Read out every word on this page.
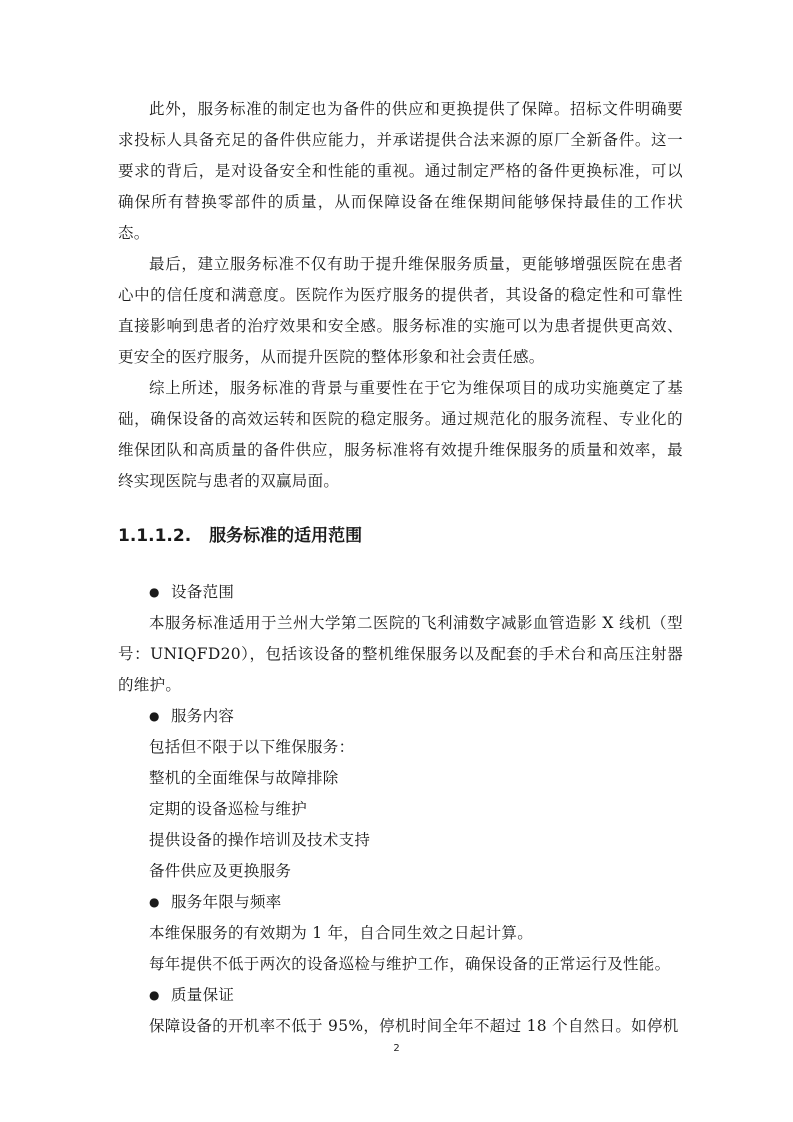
此外，服务标准的制定也为备件的供应和更换提供了保障。招标文件明确要求投标人具备充足的备件供应能力，并承诺提供合法来源的原厂全新备件。这一要求的背后，是对设备安全和性能的重视。通过制定严格的备件更换标准，可以确保所有替换零部件的质量，从而保障设备在维保期间能够保持最佳的工作状态。

最后，建立服务标准不仅有助于提升维保服务质量，更能够增强医院在患者心中的信任度和满意度。医院作为医疗服务的提供者，其设备的稳定性和可靠性直接影响到患者的治疗效果和安全感。服务标准的实施可以为患者提供更高效、更安全的医疗服务，从而提升医院的整体形象和社会责任感。

综上所述，服务标准的背景与重要性在于它为维保项目的成功实施奠定了基础，确保设备的高效运转和医院的稳定服务。通过规范化的服务流程、专业化的维保团队和高质量的备件供应，服务标准将有效提升维保服务的质量和效率，最终实现医院与患者的双赢局面。

1.1.1.2. 服务标准的适用范围

● 设备范围

本服务标准适用于兰州大学第二医院的飞利浦数字减影血管造影 X 线机（型号：UNIQFD20），包括该设备的整机维保服务以及配套的手术台和高压注射器的维护。

● 服务内容

包括但不限于以下维保服务：

整机的全面维保与故障排除

定期的设备巡检与维护

提供设备的操作培训及技术支持

备件供应及更换服务

● 服务年限与频率

本维保服务的有效期为 1 年，自合同生效之日起计算。

每年提供不低于两次的设备巡检与维护工作，确保设备的正常运行及性能。

● 质量保证

保障设备的开机率不低于 95%，停机时间全年不超过 18 个自然日。如停机

2
